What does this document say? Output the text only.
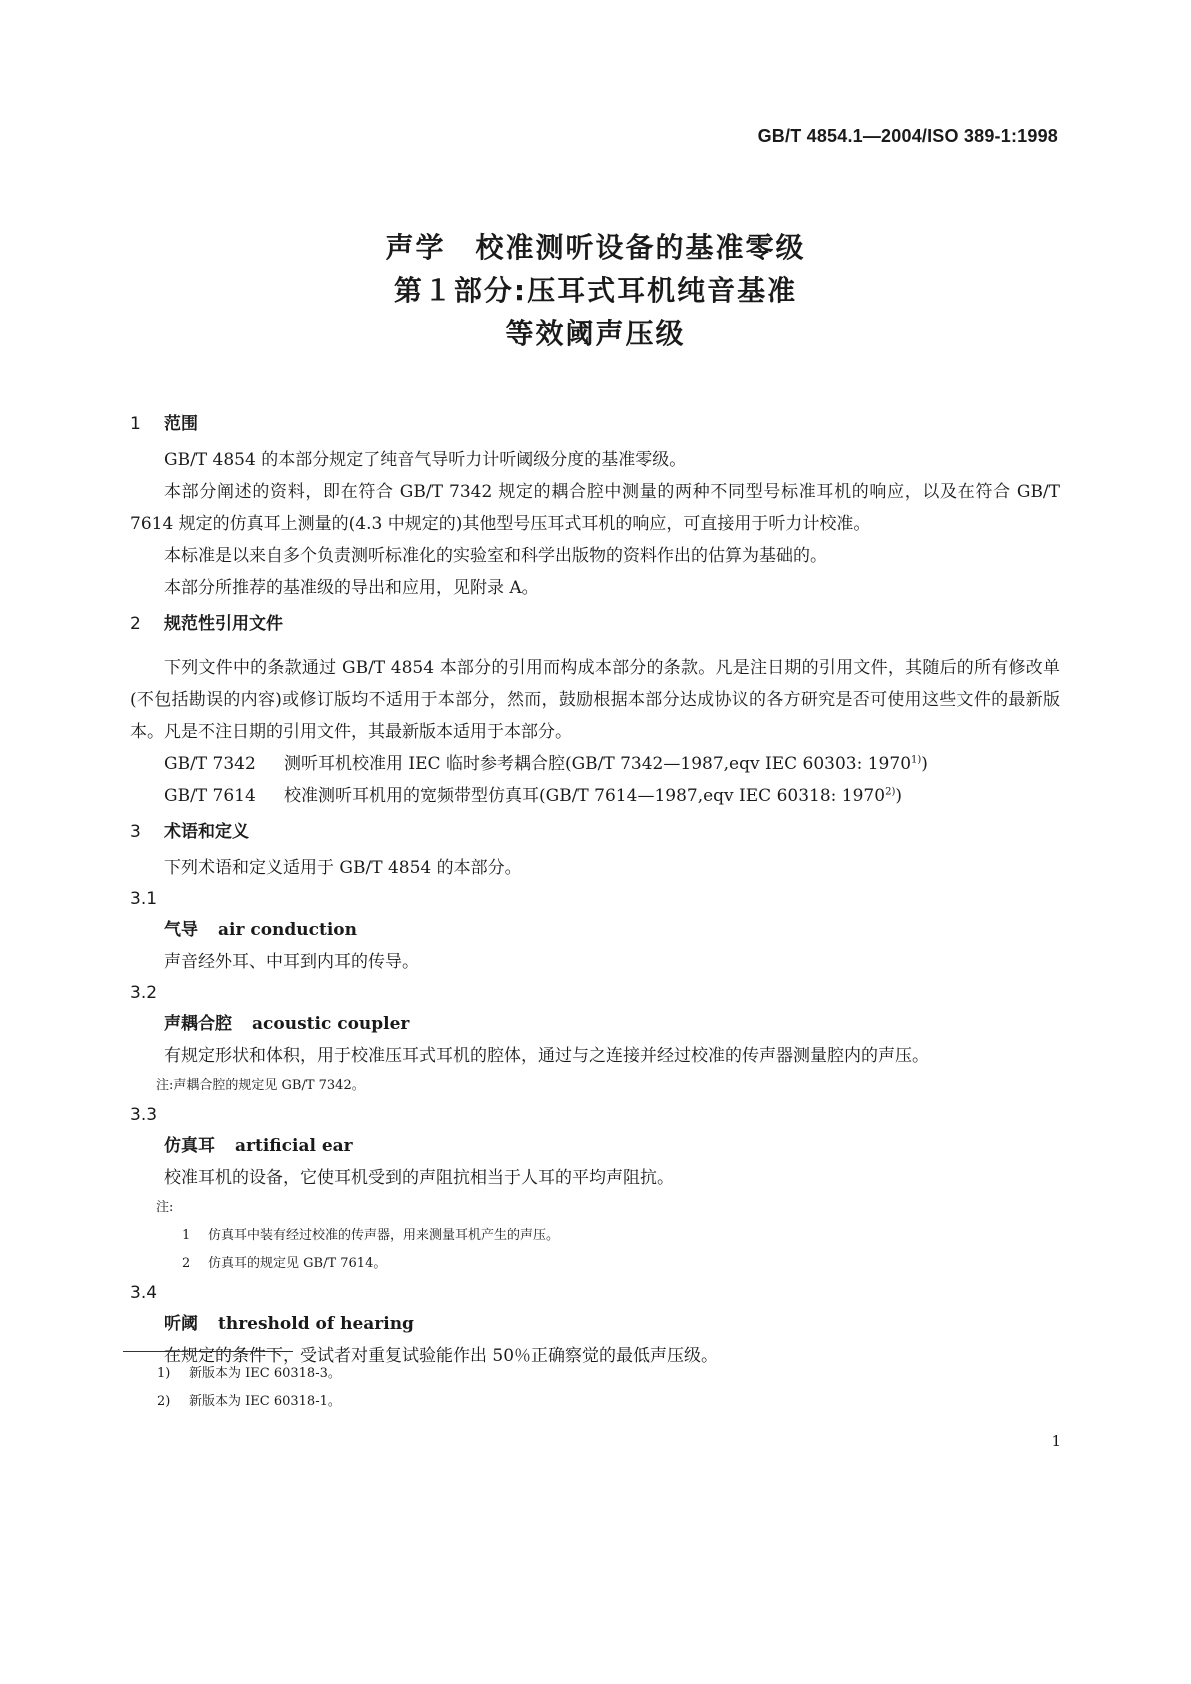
GB/T 4854.1—2004/ISO 389-1:1998
声学　校准测听设备的基准零级
第１部分:压耳式耳机纯音基准
等效阈声压级
1 范围

GB/T 4854 的本部分规定了纯音气导听力计听阈级分度的基准零级。

本部分阐述的资料，即在符合 GB/T 7342 规定的耦合腔中测量的两种不同型号标准耳机的响应，以及在符合 GB/T 7614 规定的仿真耳上测量的(4.3 中规定的)其他型号压耳式耳机的响应，可直接用于听力计校准。

本标准是以来自多个负责测听标准化的实验室和科学出版物的资料作出的估算为基础的。

本部分所推荐的基准级的导出和应用，见附录 A。

2 规范性引用文件

下列文件中的条款通过 GB/T 4854 本部分的引用而构成本部分的条款。凡是注日期的引用文件，其随后的所有修改单(不包括勘误的内容)或修订版均不适用于本部分，然而，鼓励根据本部分达成协议的各方研究是否可使用这些文件的最新版本。凡是不注日期的引用文件，其最新版本适用于本部分。

GB/T 7342 测听耳机校准用 IEC 临时参考耦合腔(GB/T 7342—1987,eqv IEC 60303: 1970$^{1)}$)
GB/T 7614 校准测听耳机用的宽频带型仿真耳(GB/T 7614—1987,eqv IEC 60318: 1970$^{2)}$)
3 术语和定义

下列术语和定义适用于 GB/T 4854 的本部分。

3.1
气导 air conduction

声音经外耳、中耳到内耳的传导。

3.2
声耦合腔 acoustic coupler

有规定形状和体积，用于校准压耳式耳机的腔体，通过与之连接并经过校准的传声器测量腔内的声压。

注:声耦合腔的规定见 GB/T 7342。
3.3
仿真耳 artificial ear

校准耳机的设备，它使耳机受到的声阻抗相当于人耳的平均声阻抗。

注:
1 仿真耳中装有经过校准的传声器，用来测量耳机产生的声压。
2 仿真耳的规定见 GB/T 7614。
3.4
听阈 threshold of hearing

在规定的条件下，受试者对重复试验能作出 50％正确察觉的最低声压级。

1) 新版本为 IEC 60318-3。
2) 新版本为 IEC 60318-1。
1
